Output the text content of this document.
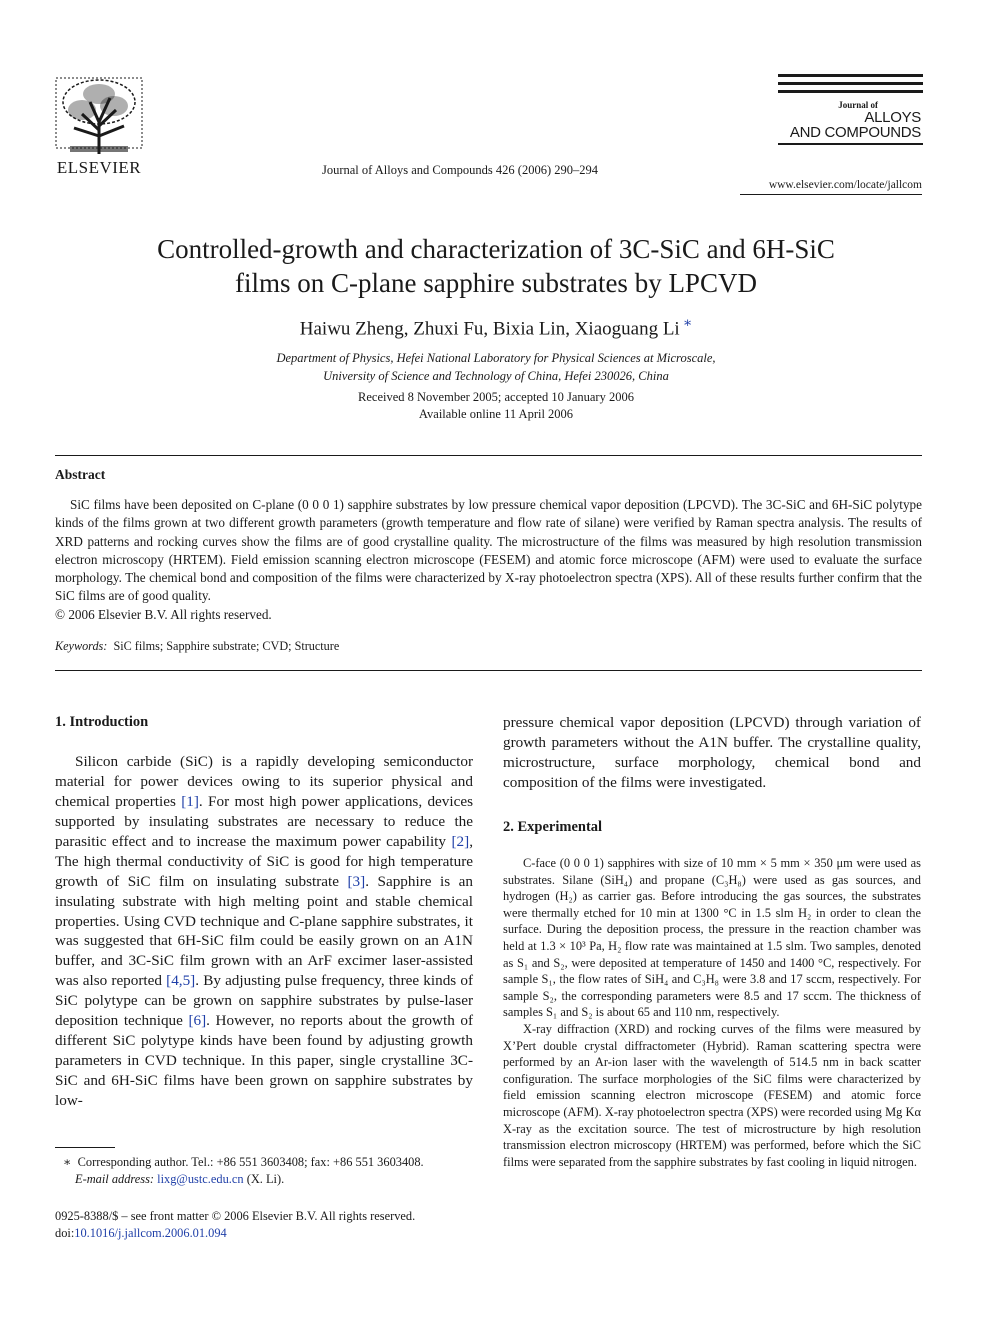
ELSEVIER	Journal of Alloys and Compounds 426 (2006) 290–294
Journal of
ALLOYS
AND COMPOUNDS
www.elsevier.com/locate/jallcom
Controlled-growth and characterization of 3C-SiC and 6H-SiC
films on C-plane sapphire substrates by LPCVD
Haiwu Zheng, Zhuxi Fu, Bixia Lin, Xiaoguang Li ∗
Department of Physics, Hefei National Laboratory for Physical Sciences at Microscale,
University of Science and Technology of China, Hefei 230026, China
Received 8 November 2005; accepted 10 January 2006
Available online 11 April 2006
Abstract

SiC films have been deposited on C-plane (0 0 0 1) sapphire substrates by low pressure chemical vapor deposition (LPCVD). The 3C-SiC and 6H-SiC polytype kinds of the films grown at two different growth parameters (growth temperature and flow rate of silane) were verified by Raman spectra analysis. The results of XRD patterns and rocking curves show the films are of good crystalline quality. The microstructure of the films was measured by high resolution transmission electron microscopy (HRTEM). Field emission scanning electron microscope (FESEM) and atomic force microscope (AFM) were used to evaluate the surface morphology. The chemical bond and composition of the films were characterized by X-ray photoelectron spectra (XPS). All of these results further confirm that the SiC films are of good quality.

© 2006 Elsevier B.V. All rights reserved.
Keywords: SiC films; Sapphire substrate; CVD; Structure
1. Introduction

Silicon carbide (SiC) is a rapidly developing semiconductor material for power devices owing to its superior physical and chemical properties [1]. For most high power applications, devices supported by insulating substrates are necessary to reduce the parasitic effect and to increase the maximum power capability [2], The high thermal conductivity of SiC is good for high temperature growth of SiC film on insulating substrate [3]. Sapphire is an insulating substrate with high melting point and stable chemical properties. Using CVD technique and C-plane sapphire substrates, it was suggested that 6H-SiC film could be easily grown on an A1N buffer, and 3C-SiC film grown with an ArF excimer laser-assisted was also reported [4,5]. By adjusting pulse frequency, three kinds of SiC polytype can be grown on sapphire substrates by pulse-laser deposition technique [6]. However, no reports about the growth of different SiC polytype kinds have been found by adjusting growth parameters in CVD technique. In this paper, single crystalline 3C-SiC and 6H-SiC films have been grown on sapphire substrates by low-

∗ Corresponding author. Tel.: +86 551 3603408; fax: +86 551 3603408.
E-mail address: lixg@ustc.edu.cn (X. Li).
0925-8388/$ – see front matter © 2006 Elsevier B.V. All rights reserved.
doi:10.1016/j.jallcom.2006.01.094

pressure chemical vapor deposition (LPCVD) through variation of growth parameters without the A1N buffer. The crystalline quality, microstructure, surface morphology, chemical bond and composition of the films were investigated.

2. Experimental

C-face (0 0 0 1) sapphires with size of 10 mm × 5 mm × 350 μm were used as substrates. Silane (SiH₄) and propane (C₃H₈) were used as gas sources, and hydrogen (H₂) as carrier gas. Before introducing the gas sources, the substrates were thermally etched for 10 min at 1300 °C in 1.5 slm H₂ in order to clean the surface. During the deposition process, the pressure in the reaction chamber was held at 1.3 × 10³ Pa, H₂ flow rate was maintained at 1.5 slm. Two samples, denoted as S₁ and S₂, were deposited at temperature of 1450 and 1400 °C, respectively. For sample S₁, the flow rates of SiH₄ and C₃H₈ were 3.8 and 17 sccm, respectively. For sample S₂, the corresponding parameters were 8.5 and 17 sccm. The thickness of samples S₁ and S₂ is about 65 and 110 nm, respectively.

X-ray diffraction (XRD) and rocking curves of the films were measured by X’Pert double crystal diffractometer (Hybrid). Raman scattering spectra were performed by an Ar-ion laser with the wavelength of 514.5 nm in back scatter configuration. The surface morphologies of the SiC films were characterized by field emission scanning electron microscope (FESEM) and atomic force microscope (AFM). X-ray photoelectron spectra (XPS) were recorded using Mg Kα X-ray as the excitation source. The test of microstructure by high resolution transmission electron microscopy (HRTEM) was performed, before which the SiC films were separated from the sapphire substrates by fast cooling in liquid nitrogen.
